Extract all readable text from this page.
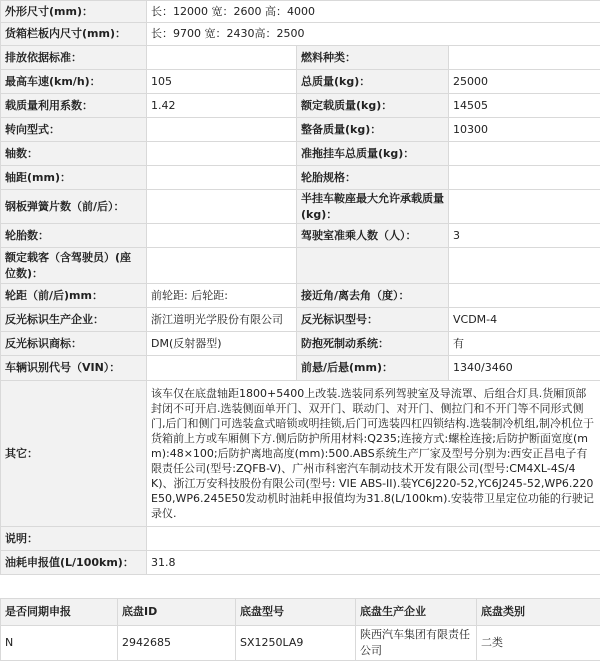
外形尺寸(mm)：	长：12000 宽：2600 高：4000		
货箱栏板内尺寸(mm)：	长：9700 宽：2430高：2500		
排放依据标准：		燃料种类：	
最高车速(km/h)：	105	总质量(kg)：	25000
载质量利用系数：	1.42	额定载质量(kg)：	14505
转向型式：		整备质量(kg)：	10300
轴数：		准拖挂车总质量(kg)：	
轴距(mm)：		轮胎规格：	
钢板弹簧片数（前/后）：		半挂车鞍座最大允许承载质量(kg)：	
轮胎数：		驾驶室准乘人数（人）：	3
额定载客（含驾驶员）(座位数)：			
轮距（前/后)mm：	前轮距: 后轮距:	接近角/离去角（度）：	
反光标识生产企业：	浙江道明光学股份有限公司	反光标识型号：	VCDM-4
反光标识商标：	DM(反射器型)	防抱死制动系统：	有
车辆识别代号（VIN）：		前悬/后悬(mm)：	1340/3460
其它：	该车仅在底盘轴距1800+5400上改装.选装同系列驾驶室及导流罩、后组合灯具.货厢顶部封闭不可开启.选装侧面单开门、双开门、联动门、对开门、侧拉门和不开门等不同形式侧门,后门和侧门可选装盒式暗锁或明挂锁,后门可选装四杠四锁结构.选装制冷机组,制冷机位于货箱前上方或车厢侧下方.侧后防护所用材料:Q235;连接方式:螺栓连接;后防护断面宽度(mm):48×100;后防护离地高度(mm):500.ABS系统生产厂家及型号分别为:西安正昌电子有限责任公司(型号:ZQFB-V)、广州市科密汽车制动技术开发有限公司(型号:CM4XL-4S/4K)、浙江万安科技股份有限公司(型号: VIE ABS-II).装YC6J220-52,YC6J245-52,WP6.220E50,WP6.245E50发动机时油耗申报值均为31.8(L/100km).安装带卫星定位功能的行驶记录仪.		
说明：			
油耗申报值(L/100km)：	31.8		
是否同期申报	底盘ID	底盘型号	底盘生产企业	底盘类别
N	2942685	SX1250LA9	陕西汽车集团有限责任公司	二类
